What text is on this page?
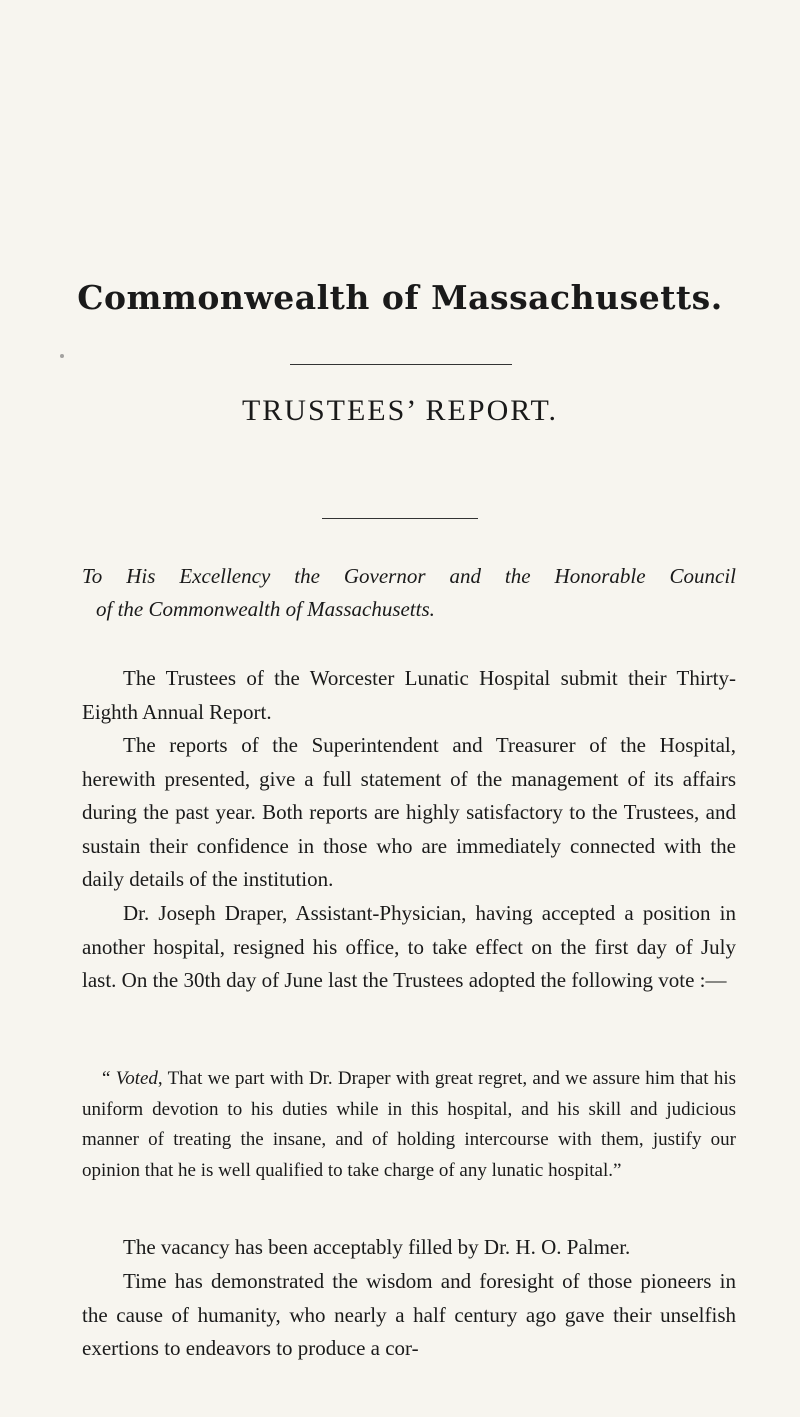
Commonwealth of Massachusetts.
TRUSTEES’ REPORT.
To His Excellency the Governor and the Honorable Council
of the Commonwealth of Massachusetts.

The Trustees of the Worcester Lunatic Hospital submit their Thirty-Eighth Annual Report.

The reports of the Superintendent and Treasurer of the Hospital, herewith presented, give a full statement of the management of its affairs during the past year. Both reports are highly satisfactory to the Trustees, and sustain their confidence in those who are immediately connected with the daily details of the institution.

Dr. Joseph Draper, Assistant-Physician, having accepted a position in another hospital, resigned his office, to take effect on the first day of July last. On the 30th day of June last the Trustees adopted the following vote :—

“ Voted, That we part with Dr. Draper with great regret, and we assure him that his uniform devotion to his duties while in this hospital, and his skill and judicious manner of treating the insane, and of holding intercourse with them, justify our opinion that he is well qualified to take charge of any lunatic hospital.”

The vacancy has been acceptably filled by Dr. H. O. Palmer.

Time has demonstrated the wisdom and foresight of those pioneers in the cause of humanity, who nearly a half century ago gave their unselfish exertions to endeavors to produce a cor-
